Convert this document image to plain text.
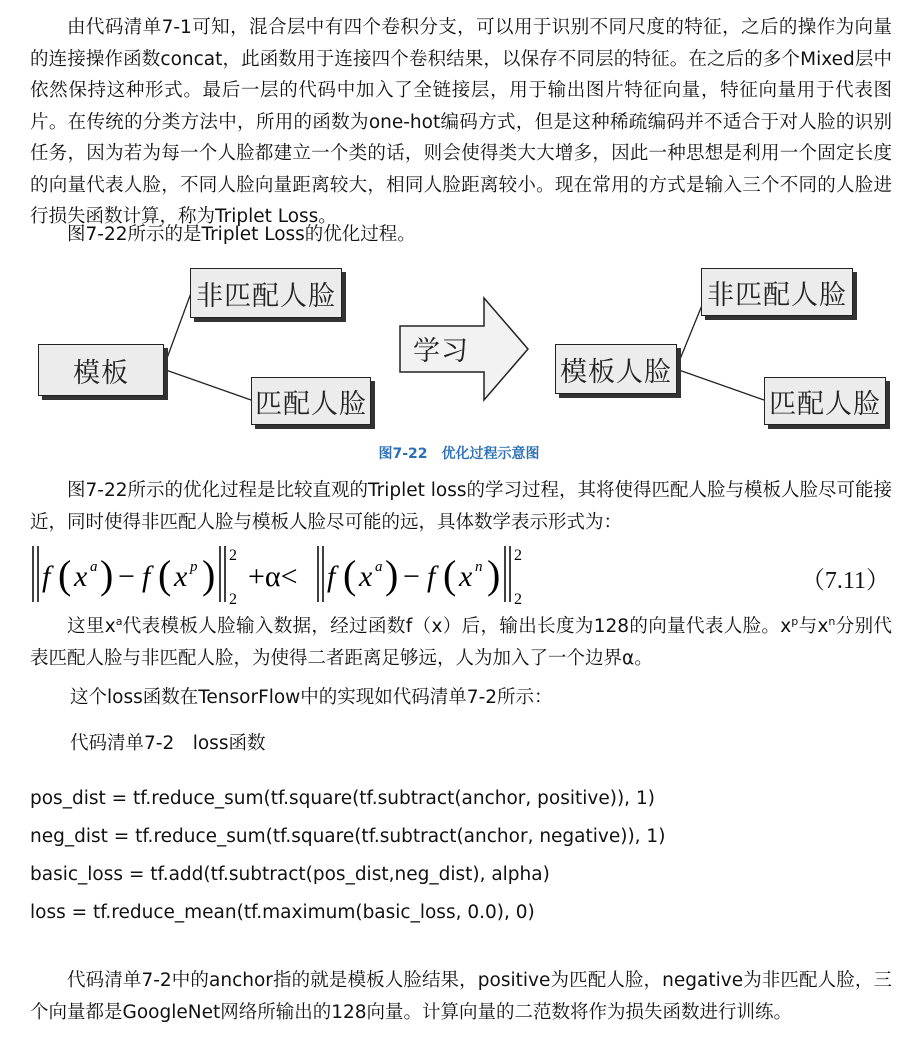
由代码清单7-1可知，混合层中有四个卷积分支，可以用于识别不同尺度的特征，之后的操作为向量的连接操作函数concat，此函数用于连接四个卷积结果，以保存不同层的特征。在之后的多个Mixed层中依然保持这种形式。最后一层的代码中加入了全链接层，用于输出图片特征向量，特征向量用于代表图片。在传统的分类方法中，所用的函数为one-hot编码方式，但是这种稀疏编码并不适合于对人脸的识别任务，因为若为每一个人脸都建立一个类的话，则会使得类大大增多，因此一种思想是利用一个固定长度的向量代表人脸，不同人脸向量距离较大，相同人脸距离较小。现在常用的方式是输入三个不同的人脸进行损失函数计算，称为Triplet Loss。

图7-22所示的是Triplet Loss的优化过程。

模板
非匹配人脸
匹配人脸
学习
模板人脸
非匹配人脸
匹配人脸
图7-22　优化过程示意图

图7-22所示的优化过程是比较直观的Triplet loss的学习过程，其将使得匹配人脸与模板人脸尽可能接近，同时使得非匹配人脸与模板人脸尽可能的远，具体数学表示形式为：

f ( x a ) − f ( x p ) 2
2
+α< f ( x a ) − f ( x n ) 2
2
（7.11）

这里$x^a$代表模板人脸输入数据，经过函数f（x）后，输出长度为128的向量代表人脸。$x^p$与$x^n$分别代表匹配人脸与非匹配人脸，为使得二者距离足够远，人为加入了一个边界α。

这个loss函数在TensorFlow中的实现如代码清单7-2所示：

代码清单7-2　loss函数

pos_dist = tf.reduce_sum(tf.square(tf.subtract(anchor, positive)), 1)

neg_dist = tf.reduce_sum(tf.square(tf.subtract(anchor, negative)), 1)

basic_loss = tf.add(tf.subtract(pos_dist,neg_dist), alpha)

loss = tf.reduce_mean(tf.maximum(basic_loss, 0.0), 0)

代码清单7-2中的anchor指的就是模板人脸结果，positive为匹配人脸，negative为非匹配人脸，三个向量都是GoogleNet网络所输出的128向量。计算向量的二范数将作为损失函数进行训练。
